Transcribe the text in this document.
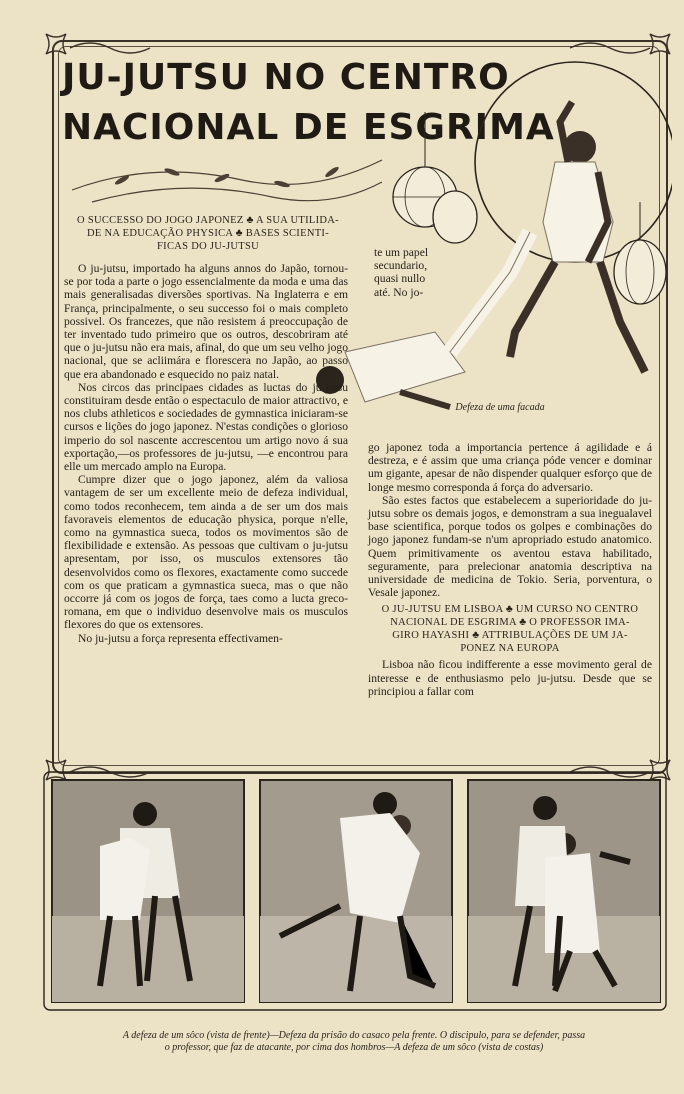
JU-JUTSU NO CENTRO
NACIONAL DE ESGRIMA
O SUCCESSO DO JOGO JAPONEZ ♣ A SUA UTILIDA-
DE NA EDUCAÇÃO PHYSICA ♣ BASES SCIENTI-
FICAS DO JU-JUTSU	te um papel
secundario,
quasi nullo
até. No jo-
Defeza de uma facada

O ju-jutsu, importado ha alguns annos do Japão, tornou-se por toda a parte o jogo essencialmente da moda e uma das mais generalisadas diversões sportivas. Na Inglaterra e em França, principalmente, o seu successo foi o mais completo possivel. Os francezes, que não resistem á preoccupação de ter inventado tudo primeiro que os outros, descobriram até que o ju-jutsu não era mais, afinal, do que um seu velho jogo nacional, que se acliimára e florescera no Japão, ao passo que era abandonado e esquecido no paiz natal.

Nos circos das principaes cidades as luctas do ju-jutsu constituiram desde então o espectaculo de maior attractivo, e nos clubs athleticos e sociedades de gymnastica iniciaram-se cursos e lições do jogo japonez. N'estas condições o glorioso imperio do sol nascente accrescentou um artigo novo á sua exportação,—os professores de ju-jutsu, —e encontrou para elle um mercado amplo na Europa.

Cumpre dizer que o jogo japonez, além da valiosa vantagem de ser um excellente meio de defeza individual, como todos reconhecem, tem ainda a de ser um dos mais favoraveis elementos de educação physica, porque n'elle, como na gymnastica sueca, todos os movimentos são de flexibilidade e extensão. As pessoas que cultivam o ju-jutsu apresentam, por isso, os musculos extensores tão desenvolvidos como os flexores, exactamente como succede com os que praticam a gymnastica sueca, mas o que não occorre já com os jogos de força, taes como a lucta greco-romana, em que o individuo desenvolve mais os musculos flexores do que os extensores.

No ju-jutsu a força representa effectivamen-

go japonez toda a importancia pertence á agilidade e á destreza, e é assim que uma criança póde vencer e dominar um gigante, apesar de não dispender qualquer esforço que de longe mesmo corresponda á força do adversario.

São estes factos que estabelecem a superioridade do ju-jutsu sobre os demais jogos, e demonstram a sua inegualavel base scientifica, porque todos os golpes e combinações do jogo japonez fundam-se n'um apropriado estudo anatomico. Quem primitivamente os aventou estava habilitado, seguramente, para prelecionar anatomia descriptiva na universidade de medicina de Tokio. Seria, porventura, o Vesale japonez.

O JU-JUTSU EM LISBOA ♣ UM CURSO NO CENTRO
NACIONAL DE ESGRIMA ♣ O PROFESSOR IMA-
GIRO HAYASHI ♣ ATTRIBULAÇÕES DE UM JA-
PONEZ NA EUROPA

Lisboa não ficou indifferente a esse movimento geral de interesse e de enthusiasmo pelo ju-jutsu. Desde que se principiou a fallar com

A defeza de um sôco (vista de frente)—Defeza da prisão do casaco pela frente. O discipulo, para se defender, passa
o professor, que faz de atacante, por cima dos hombros—A defeza de um sôco (vista de costas)
